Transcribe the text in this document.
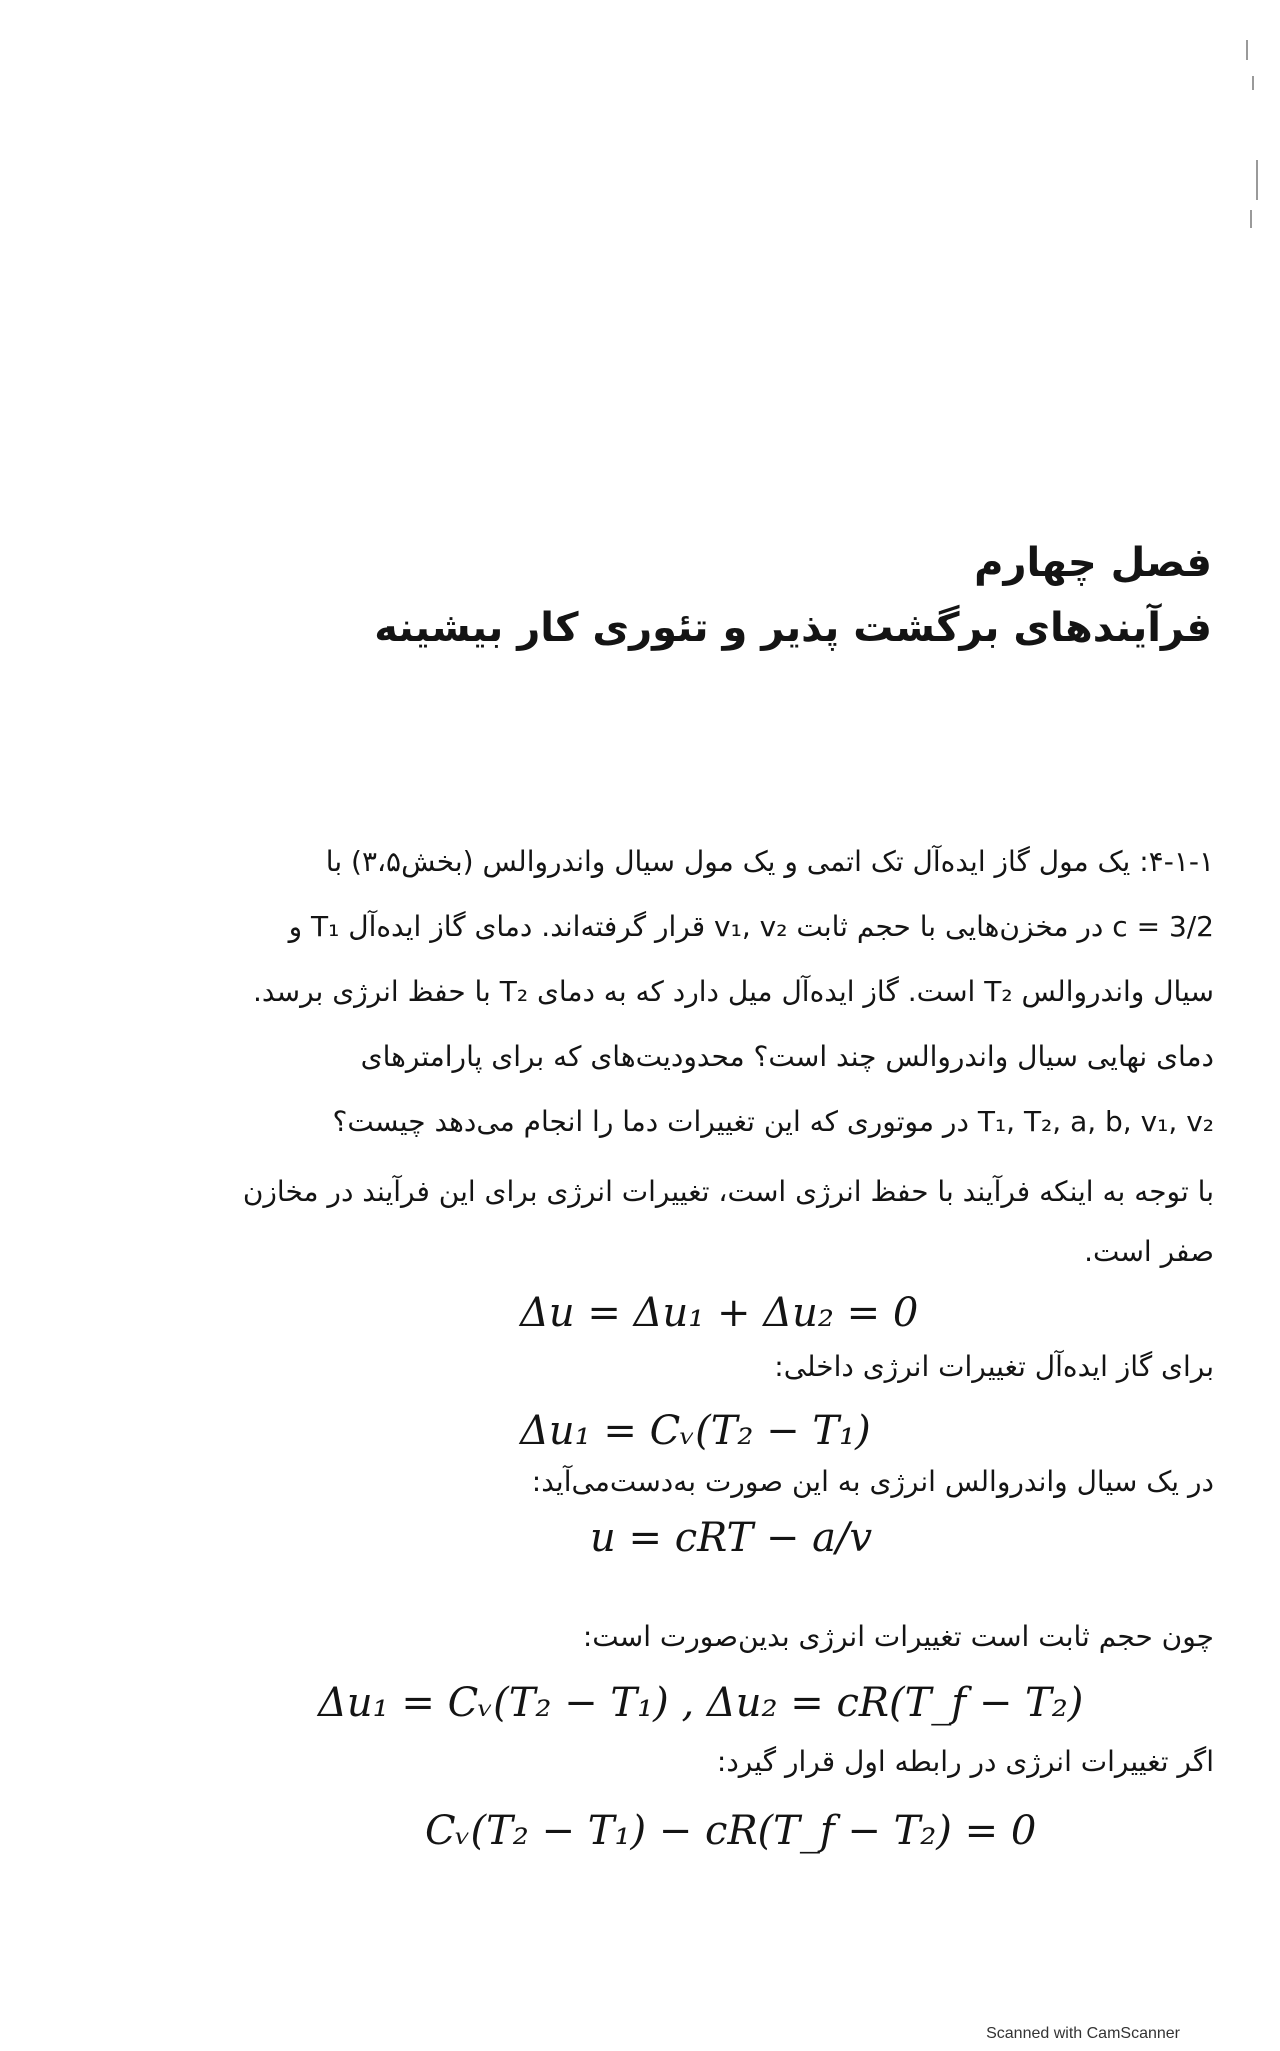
فصل چهارم
فرآیندهای برگشت پذیر و تئوری کار بیشینه
۴-۱-۱: یک مول گاز ایده‌آل تک اتمی و یک مول سیال واندروالس (بخش۳،۵) با
c = 3/2 در مخزن‌هایی با حجم ثابت v₁, v₂ قرار گرفته‌اند. دمای گاز ایده‌آل T₁ و
سیال واندروالس T₂ است. گاز ایده‌آل میل دارد که به دمای T₂ با حفظ انرژی برسد.
دمای نهایی سیال واندروالس چند است؟ محدودیت‌های که برای پارامترهای
T₁, T₂, a, b, v₁, v₂ در موتوری که این تغییرات دما را انجام می‌دهد چیست؟
با توجه به اینکه فرآیند با حفظ انرژی است، تغییرات انرژی برای این فرآیند در مخازن
صفر است.
Δu = Δu₁ + Δu₂ = 0
برای گاز ایده‌آل تغییرات انرژی داخلی:
Δu₁ = Cᵥ(T₂ − T₁)
در یک سیال واندروالس انرژی به این صورت به‌دست‌می‌آید:
u = cRT − a/v
چون حجم ثابت است تغییرات انرژی بدین‌صورت است:
Δu₁ = Cᵥ(T₂ − T₁) , Δu₂ = cR(T_f − T₂)
اگر تغییرات انرژی در رابطه اول قرار گیرد:
Cᵥ(T₂ − T₁) − cR(T_f − T₂) = 0
Scanned with CamScanner
